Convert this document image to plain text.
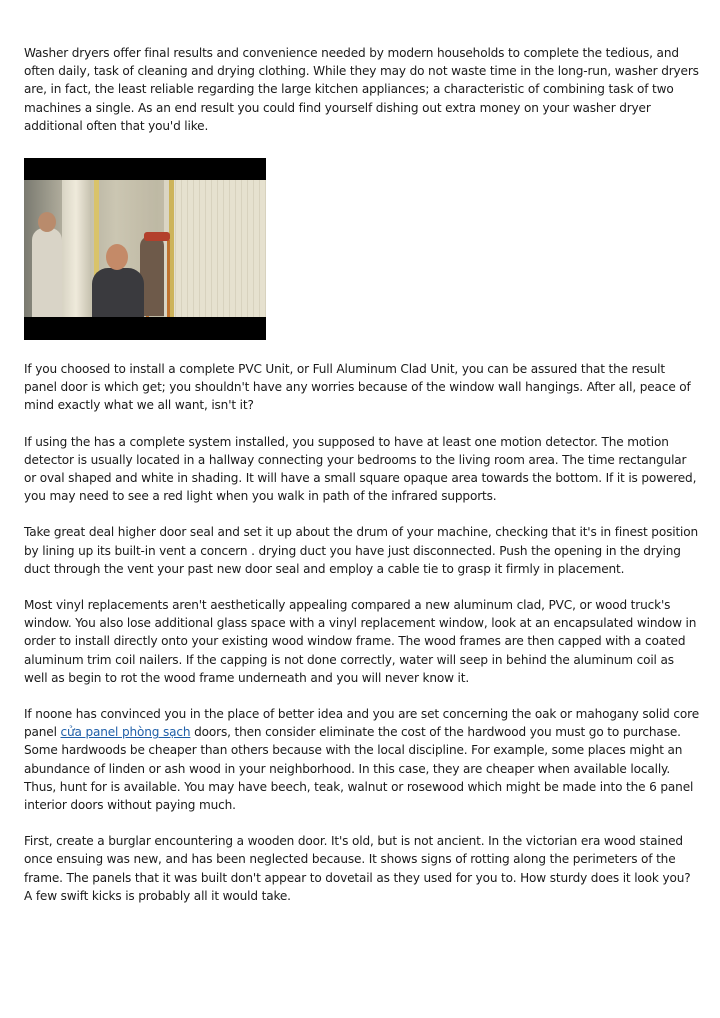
Washer dryers offer final results and convenience needed by modern households to complete the tedious, and often daily, task of cleaning and drying clothing. While they may do not waste time in the long-run, washer dryers are, in fact, the least reliable regarding the large kitchen appliances; a characteristic of combining task of two machines a single. As an end result you could find yourself dishing out extra money on your washer dryer additional often that you'd like.

If you choosed to install a complete PVC Unit, or Full Aluminum Clad Unit, you can be assured that the result panel door is which get; you shouldn't have any worries because of the window wall hangings. After all, peace of mind exactly what we all want, isn't it?

If using the has a complete system installed, you supposed to have at least one motion detector. The motion detector is usually located in a hallway connecting your bedrooms to the living room area. The time rectangular or oval shaped and white in shading. It will have a small square opaque area towards the bottom. If it is powered, you may need to see a red light when you walk in path of the infrared supports.

Take great deal higher door seal and set it up about the drum of your machine, checking that it's in finest position by lining up its built-in vent a concern . drying duct you have just disconnected. Push the opening in the drying duct through the vent your past new door seal and employ a cable tie to grasp it firmly in placement.

Most vinyl replacements aren't aesthetically appealing compared a new aluminum clad, PVC, or wood truck's window. You also lose additional glass space with a vinyl replacement window, look at an encapsulated window in order to install directly onto your existing wood window frame. The wood frames are then capped with a coated aluminum trim coil nailers. If the capping is not done correctly, water will seep in behind the aluminum coil as well as begin to rot the wood frame underneath and you will never know it.

If noone has convinced you in the place of better idea and you are set concerning the oak or mahogany solid core panel cửa panel phòng sạch doors, then consider eliminate the cost of the hardwood you must go to purchase. Some hardwoods be cheaper than others because with the local discipline. For example, some places might an abundance of linden or ash wood in your neighborhood. In this case, they are cheaper when available locally. Thus, hunt for is available. You may have beech, teak, walnut or rosewood which might be made into the 6 panel interior doors without paying much.

First, create a burglar encountering a wooden door. It's old, but is not ancient. In the victorian era wood stained once ensuing was new, and has been neglected because. It shows signs of rotting along the perimeters of the frame. The panels that it was built don't appear to dovetail as they used for you to. How sturdy does it look you? A few swift kicks is probably all it would take.
